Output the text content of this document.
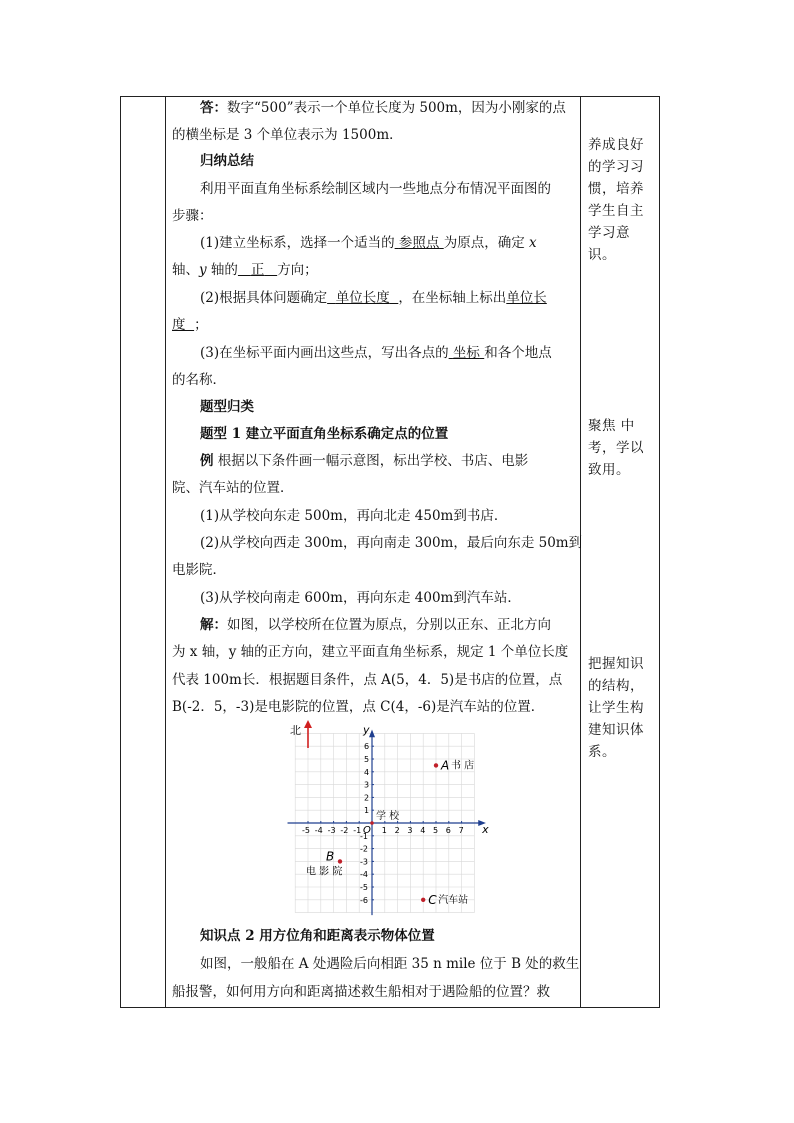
答：数字“500”表示一个单位长度为 500m，因为小刚家的点
的横坐标是 3 个单位表示为 1500m．
归纳总结
利用平面直角坐标系绘制区域内一些地点分布情况平面图的
步骤：
(1)建立坐标系，选择一个适当的 参照点 为原点，确定 x
轴、y 轴的 正 方向；
(2)根据具体问题确定 单位长度 ，在坐标轴上标出单位长
度 ；
(3)在坐标平面内画出这些点，写出各点的 坐标 和各个地点
的名称．
题型归类
题型 1 建立平面直角坐标系确定点的位置
例 根据以下条件画一幅示意图，标出学校、书店、电影
院、汽车站的位置．
(1)从学校向东走 500m，再向北走 450m到书店．
(2)从学校向西走 300m，再向南走 300m，最后向东走 50m到
电影院．
(3)从学校向南走 600m，再向东走 400m到汽车站．
解：如图，以学校所在位置为原点，分别以正东、正北方向
为 x 轴，y 轴的正方向，建立平面直角坐标系，规定 1 个单位长度
代表 100m长．根据题目条件，点 A(5，4．5)是书店的位置，点
B(-2．5，-3)是电影院的位置，点 C(4，-6)是汽车站的位置．
x
y
O
-5 -4 -3 -2 -1	1 2 3 4 5 6 7
6
5
4
3
2
1
-1
-2
-3
-4
-5
-6
学 校
北
A 书 店
B
电 影 院
C 汽车站
知识点 2 用方位角和距离表示物体位置
如图，一般船在 A 处遇险后向相距 35 n mile 位于 B 处的救生
船报警，如何用方向和距离描述救生船相对于遇险船的位置？救
养成良好的学习习惯，培养学生自主学习意识。
聚焦 中考，学以致用。
把握知识的结构，让学生构建知识体系。
